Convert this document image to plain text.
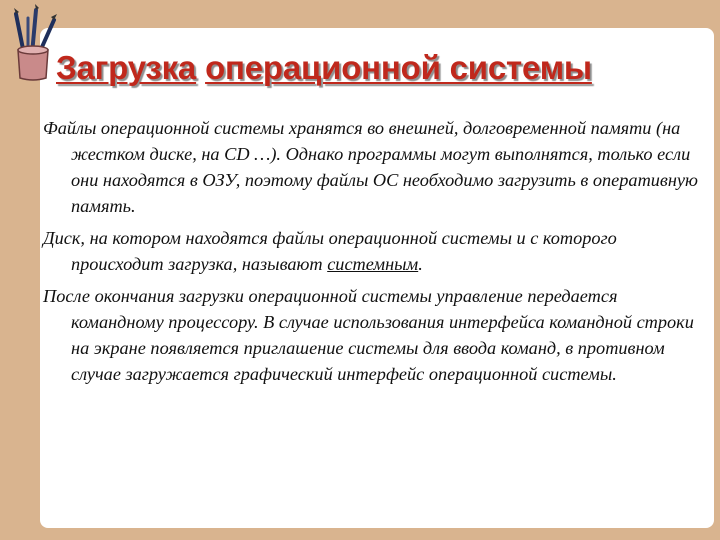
Загрузка операционной системы

Файлы операционной системы хранятся во внешней, долговременной памяти (на жестком диске, на CD …). Однако программы могут выполнятся, только если они находятся в ОЗУ, поэтому файлы ОС необходимо загрузить в оперативную память.

Диск, на котором находятся файлы операционной системы и с которого происходит загрузка, называют системным.

После окончания загрузки операционной системы управление передается командному процессору. В случае использования интерфейса командной строки на экране появляется приглашение системы для ввода команд, в противном случае загружается графический интерфейс операционной системы.
